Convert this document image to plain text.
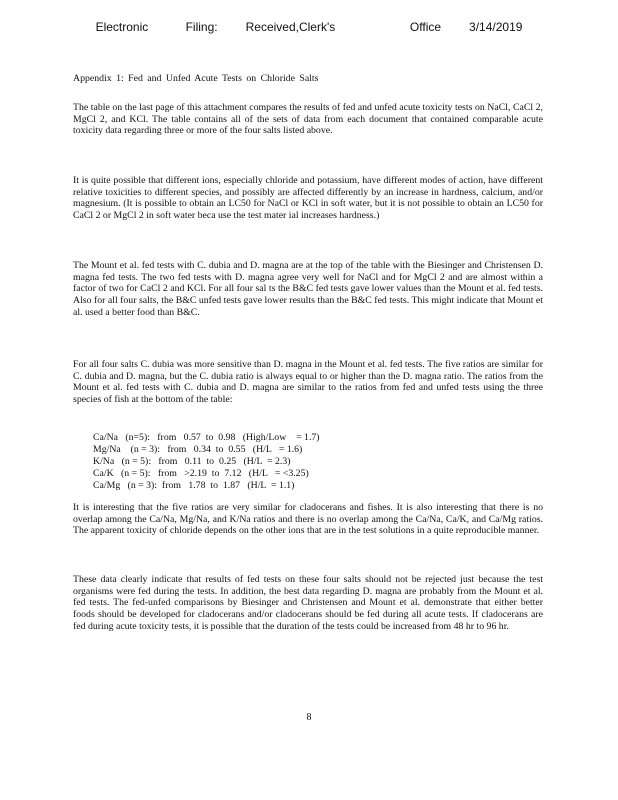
Electronic    Filing:   Received,Clerk's        Office   3/14/2019
Appendix 1: Fed and Unfed Acute Tests on Chloride Salts
The table on the last page of this attachment compares the results of fed and unfed acute toxicity tests on NaCl, CaCl 2, MgCl 2, and KCl. The table contains all of the sets of data from each document that contained comparable acute toxicity data regarding three or more of the four salts listed above.
It is quite possible that different ions, especially chloride and potassium, have different modes of action, have different relative toxicities to different species, and possibly are affected differently by an increase in hardness, calcium, and/or magnesium. (It is possible to obtain an LC50 for NaCl or KCl in soft water, but it is not possible to obtain an LC50 for CaCl 2 or MgCl 2 in soft water beca use the test mater ial increases hardness.)
The Mount et al. fed tests with C. dubia and D. magna are at the top of the table with the Biesinger and Christensen D. magna fed tests. The two fed tests with D. magna agree very well for NaCl and for MgCl 2 and are almost within a factor of two for CaCl 2 and KCl. For all four sal ts the B&C fed tests gave lower values than the Mount et al. fed tests. Also for all four salts, the B&C unfed tests gave lower results than the B&C fed tests. This might indicate that Mount et al. used a better food than B&C.
For all four salts C. dubia was more sensitive than D. magna in the Mount et al. fed tests. The five ratios are similar for C. dubia and D. magna, but the C. dubia ratio is always equal to or higher than the D. magna ratio. The ratios from the Mount et al. fed tests with C. dubia and D. magna are similar to the ratios from fed and unfed tests using the three species of fish at the bottom of the table:
Ca/Na   (n=5):   from   0.57  to  0.98   (High/Low    = 1.7)
Mg/Na    (n = 3):   from   0.34  to  0.55   (H/L   = 1.6)
K/Na   (n = 5):   from   0.11  to  0.25   (H/L  = 2.3)
Ca/K   (n = 5):   from   >2.19  to  7.12   (H/L   = <3.25)
Ca/Mg   (n = 3):  from   1.78  to  1.87   (H/L  = 1.1)
It is interesting that the five ratios are very similar for cladocerans and fishes. It is also interesting that there is no overlap among the Ca/Na, Mg/Na, and K/Na ratios and there is no overlap among the Ca/Na, Ca/K, and Ca/Mg ratios. The apparent toxicity of chloride depends on the other ions that are in the test solutions in a quite reproducible manner.
These data clearly indicate that results of fed tests on these four salts should not be rejected just because the test organisms were fed during the tests. In addition, the best data regarding D. magna are probably from the Mount et al. fed tests. The fed-unfed comparisons by Biesinger and Christensen and Mount et al. demonstrate that either better foods should be developed for cladocerans and/or cladocerans should be fed during all acute tests. If cladocerans are fed during acute toxicity tests, it is possible that the duration of the tests could be increased from 48 hr to 96 hr.
8
